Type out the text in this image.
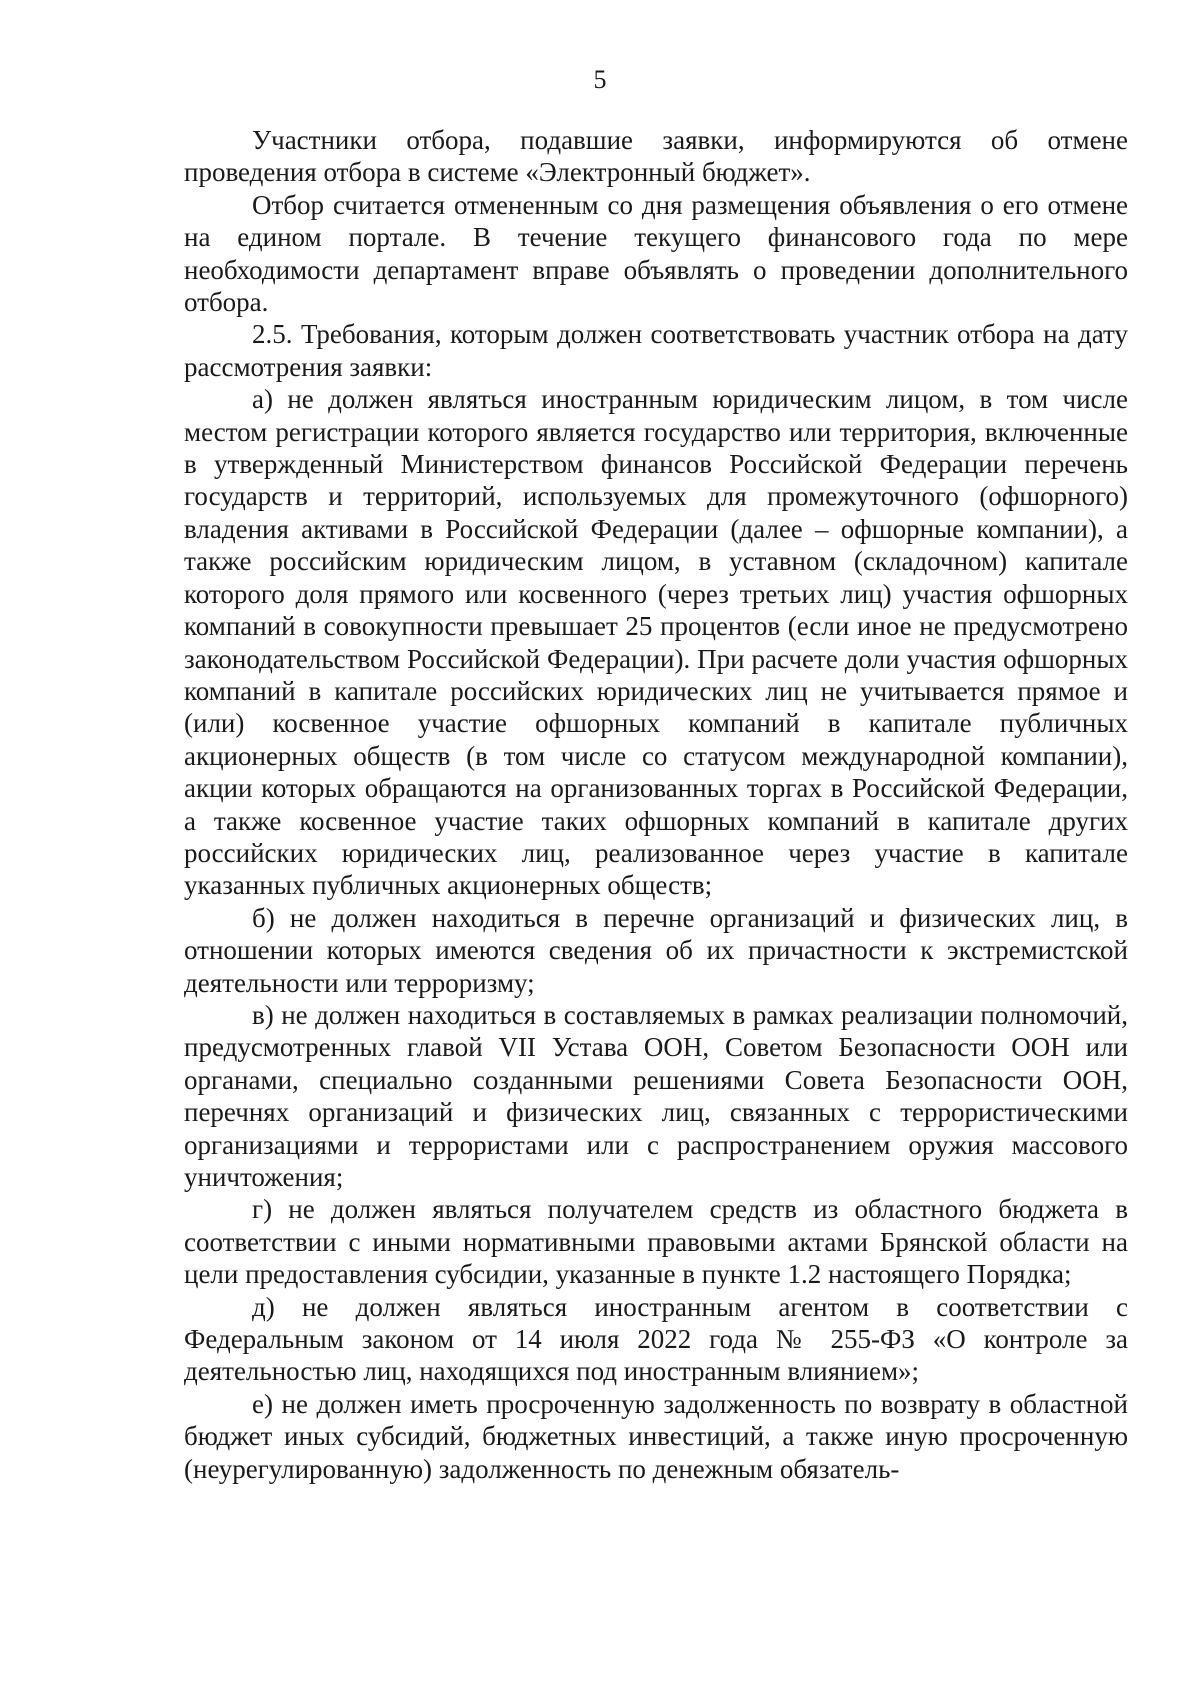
5

Участники отбора, подавшие заявки, информируются об отмене проведения отбора в системе «Электронный бюджет».

Отбор считается отмененным со дня размещения объявления о его отмене на едином портале. В течение текущего финансового года по мере необходимости департамент вправе объявлять о проведении дополнительного отбора.

2.5. Требования, которым должен соответствовать участник отбора на дату рассмотрения заявки:

а) не должен являться иностранным юридическим лицом, в том числе местом регистрации которого является государство или территория, включенные в утвержденный Министерством финансов Российской Федерации перечень государств и территорий, используемых для промежуточного (офшорного) владения активами в Российской Федерации (далее – офшорные компании), а также российским юридическим лицом, в уставном (складочном) капитале которого доля прямого или косвенного (через третьих лиц) участия офшорных компаний в совокупности превышает 25 процентов (если иное не предусмотрено законодательством Российской Федерации). При расчете доли участия офшорных компаний в капитале российских юридических лиц не учитывается прямое и (или) косвенное участие офшорных компаний в капитале публичных акционерных обществ (в том числе со статусом международной компании), акции которых обращаются на организованных торгах в Российской Федерации, а также косвенное участие таких офшорных компаний в капитале других российских юридических лиц, реализованное через участие в капитале указанных публичных акционерных обществ;

б) не должен находиться в перечне организаций и физических лиц, в отношении которых имеются сведения об их причастности к экстремистской деятельности или терроризму;

в) не должен находиться в составляемых в рамках реализации полномочий, предусмотренных главой VII Устава ООН, Советом Безопасности ООН или органами, специально созданными решениями Совета Безопасности ООН, перечнях организаций и физических лиц, связанных с террористическими организациями и террористами или с распространением оружия массового уничтожения;

г) не должен являться получателем средств из областного бюджета в соответствии с иными нормативными правовыми актами Брянской области на цели предоставления субсидии, указанные в пункте 1.2 настоящего Порядка;

д) не должен являться иностранным агентом в соответствии с Федеральным законом от 14 июля 2022 года № 255-ФЗ «О контроле за деятельностью лиц, находящихся под иностранным влиянием»;

е) не должен иметь просроченную задолженность по возврату в областной бюджет иных субсидий, бюджетных инвестиций, а также иную просроченную (неурегулированную) задолженность по денежным обязатель-
